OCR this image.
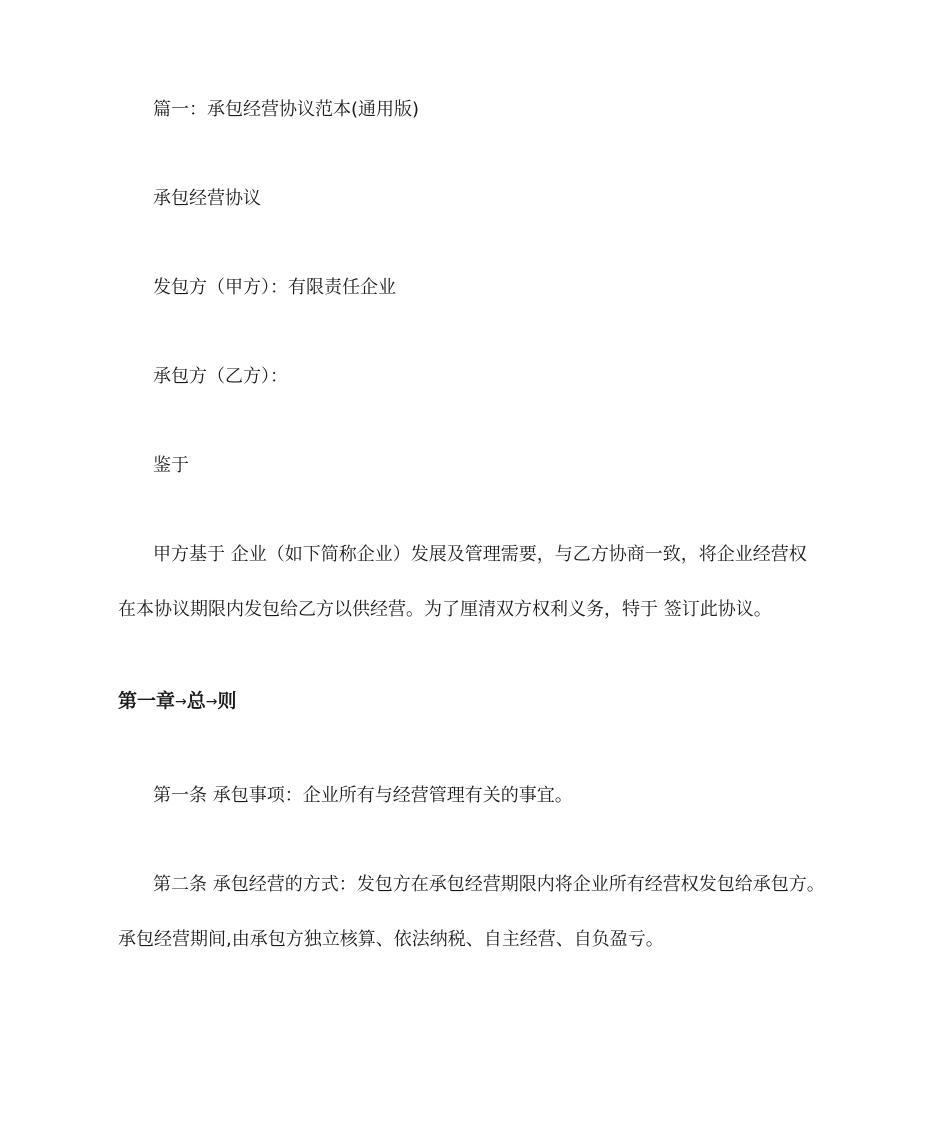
篇一：承包经营协议范本(通用版)
承包经营协议
发包方（甲方）：有限责任企业
承包方（乙方）：
鉴于
甲方基于 企业（如下简称企业）发展及管理需要，与乙方协商一致，将企业经营权
在本协议期限内发包给乙方以供经营。为了厘清双方权利义务，特于 签订此协议。
第一章→总→则
第一条 承包事项：企业所有与经营管理有关的事宜。
第二条 承包经营的方式：发包方在承包经营期限内将企业所有经营权发包给承包方。
承包经营期间,由承包方独立核算、依法纳税、自主经营、自负盈亏。
